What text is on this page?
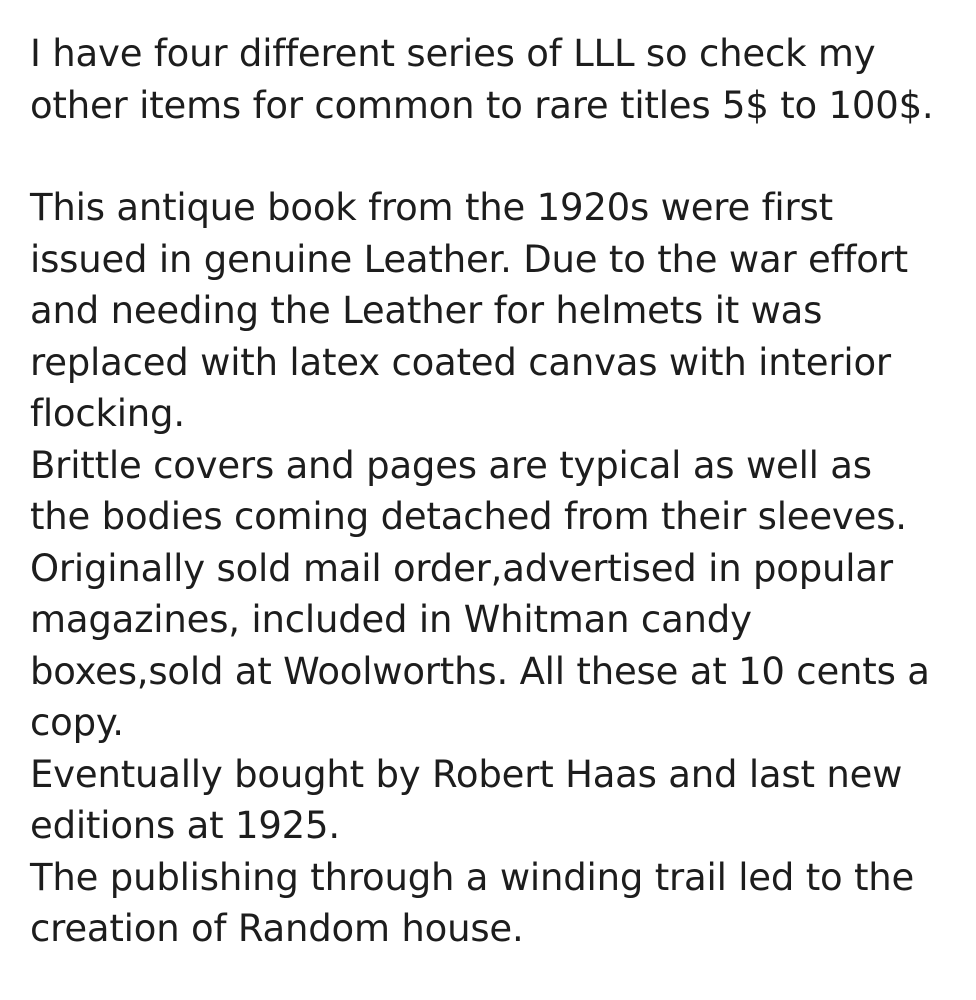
I have four different series of LLL so check my other items for common to rare titles 5$ to 100$.

This antique book from the 1920s were first issued in genuine Leather. Due to the war effort and needing the Leather for helmets it was replaced with latex coated canvas with interior flocking.

Brittle covers and pages are typical as well as the bodies coming detached from their sleeves.

Originally sold mail order,advertised in popular magazines, included in Whitman candy boxes,sold at Woolworths. All these at 10 cents a copy.

Eventually bought by Robert Haas and last new editions at 1925.

The publishing through a winding trail led to the creation of Random house.
